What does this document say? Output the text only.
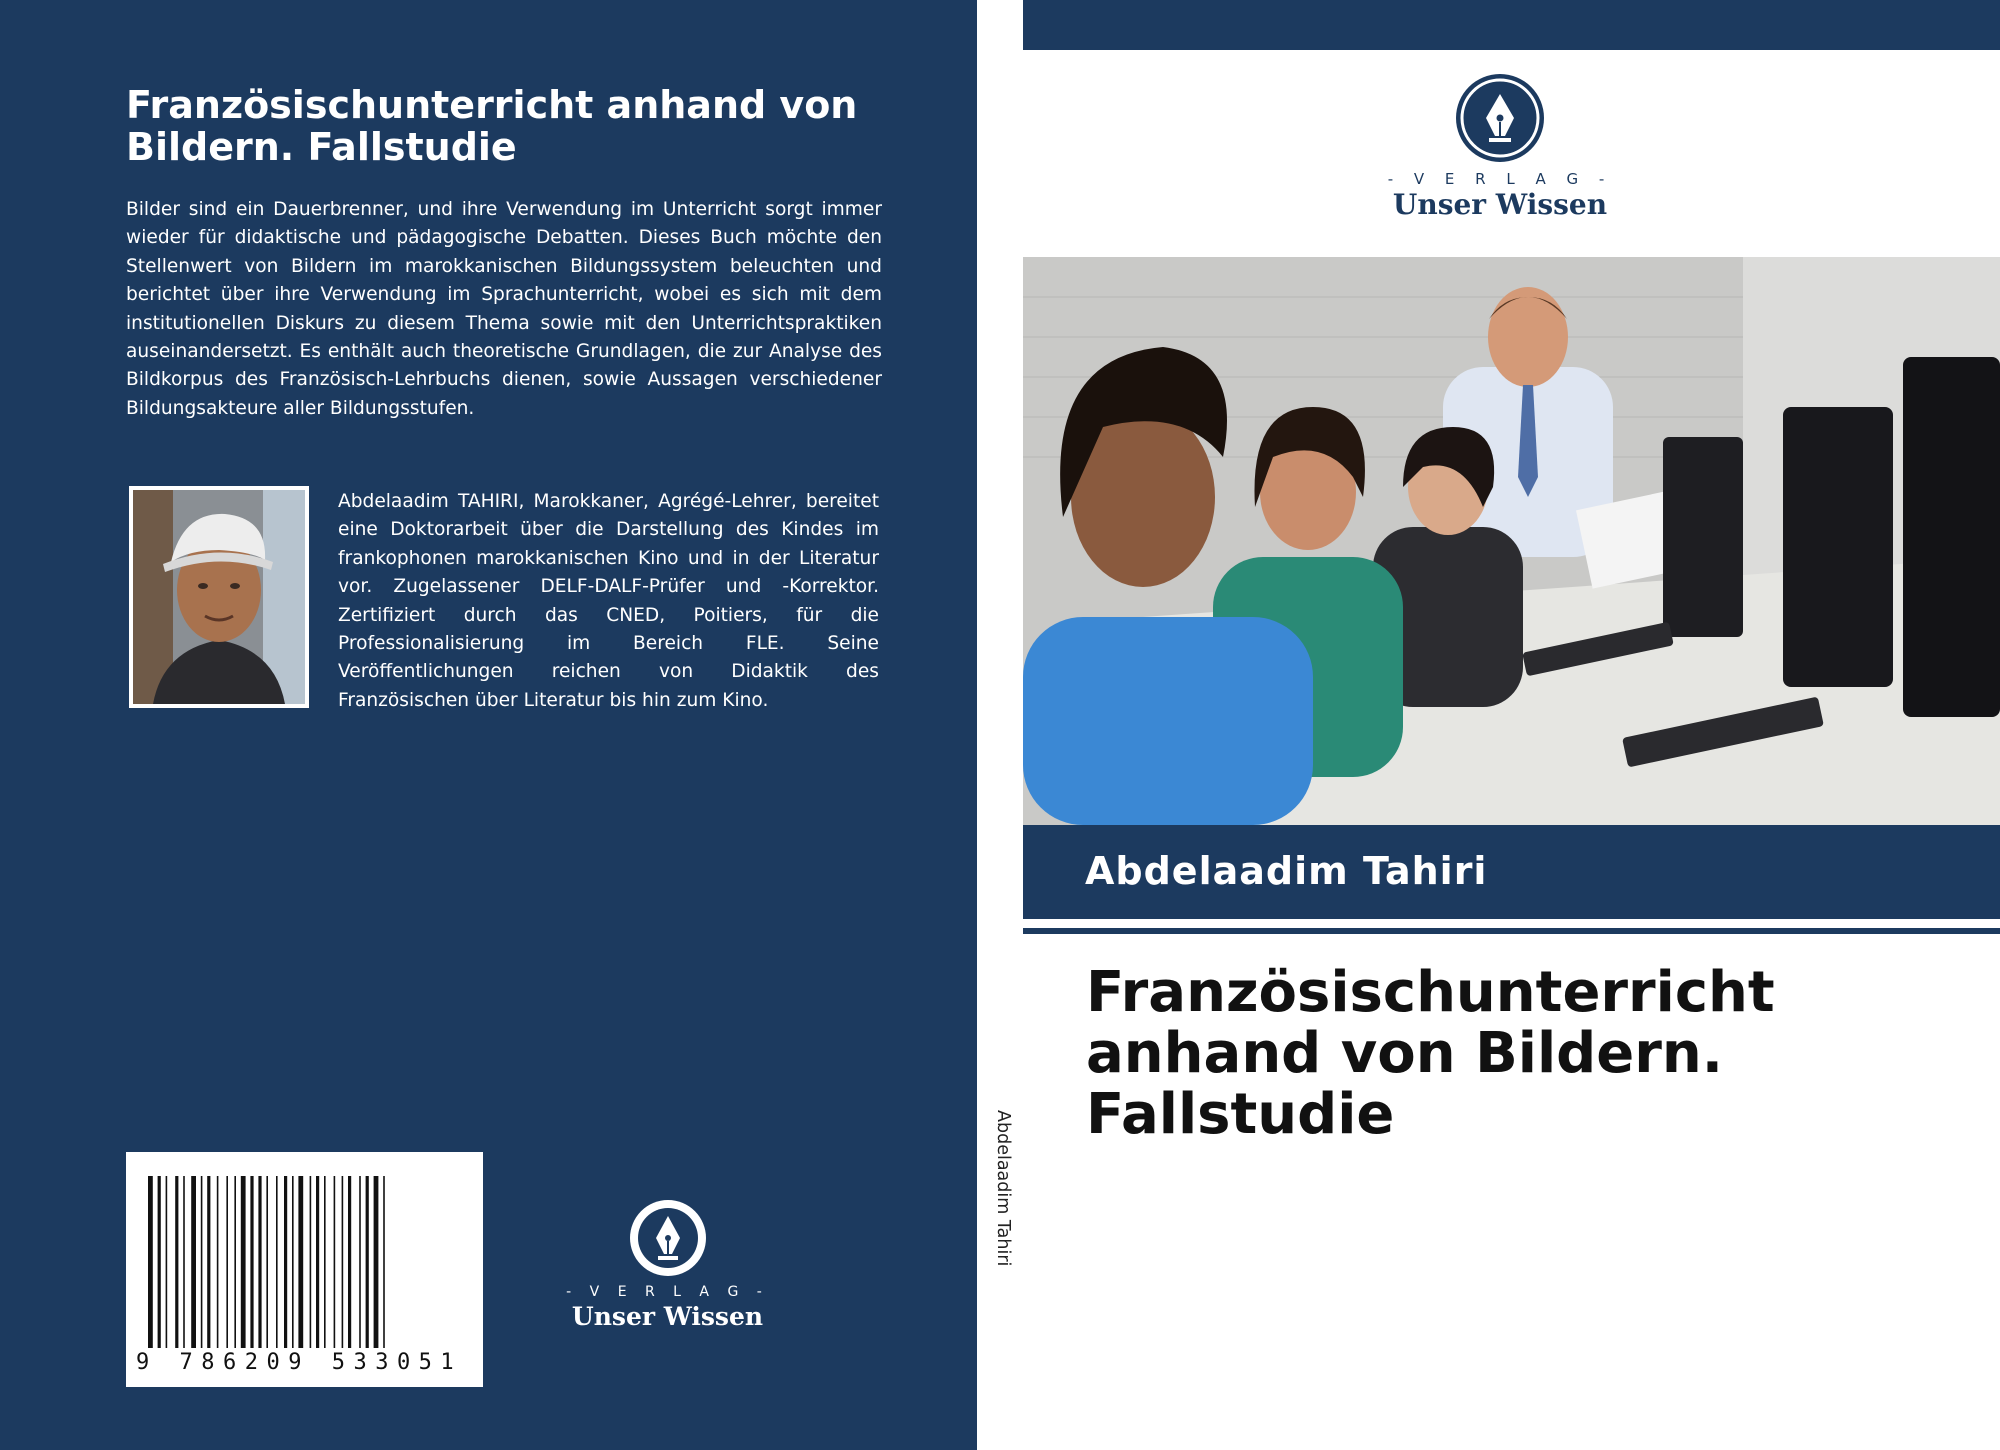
Französischunterricht anhand von Bildern. Fallstudie

Bilder sind ein Dauerbrenner, und ihre Verwendung im Unterricht sorgt immer wieder für didaktische und pädagogische Debatten. Dieses Buch möchte den Stellenwert von Bildern im marokkanischen Bildungssystem beleuchten und berichtet über ihre Verwendung im Sprachunterricht, wobei es sich mit dem institutionellen Diskurs zu diesem Thema sowie mit den Unterrichtspraktiken auseinandersetzt. Es enthält auch theoretische Grundlagen, die zur Analyse des Bildkorpus des Französisch-Lehrbuchs dienen, sowie Aussagen verschiedener Bildungsakteure aller Bildungsstufen.

Abdelaadim TAHIRI, Marokkaner, Agrégé-Lehrer, bereitet eine Doktorarbeit über die Darstellung des Kindes im frankophonen marokkanischen Kino und in der Literatur vor. Zugelassener DELF-DALF-Prüfer und -Korrektor. Zertifiziert durch das CNED, Poitiers, für die Professionalisierung im Bereich FLE. Seine Veröffentlichungen reichen von Didaktik des Französischen über Literatur bis hin zum Kino.

9 786209 533051
- V E R L A G -
Unser Wissen
Abdelaadim Tahiri
- V E R L A G -
Unser Wissen
Abdelaadim Tahiri
Französischunterricht anhand von Bildern. Fallstudie
